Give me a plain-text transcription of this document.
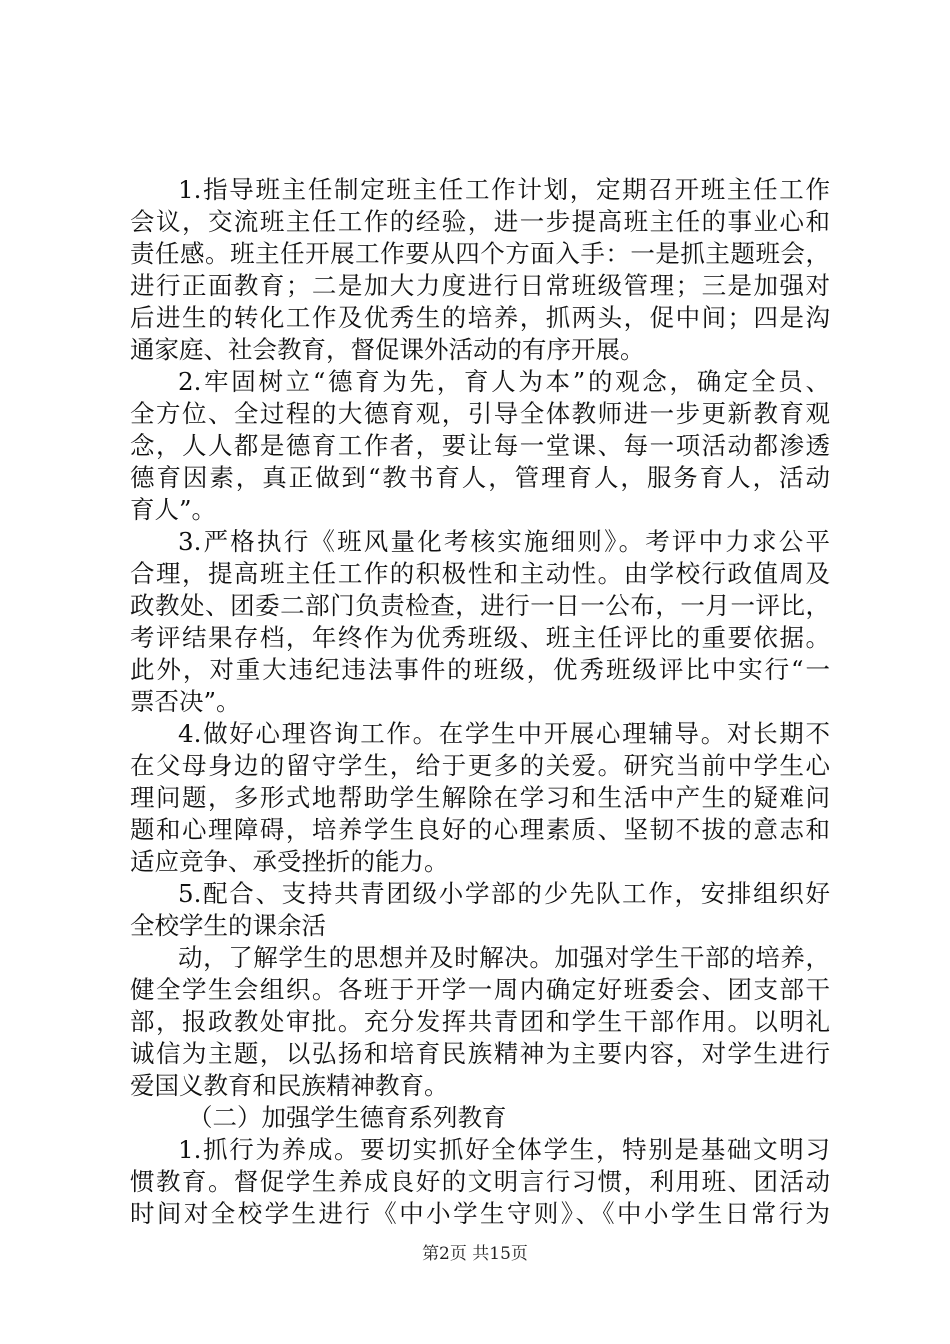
1.指导班主任制定班主任工作计划，定期召开班主任工作
会议，交流班主任工作的经验，进一步提高班主任的事业心和
责任感。班主任开展工作要从四个方面入手：一是抓主题班会，
进行正面教育；二是加大力度进行日常班级管理；三是加强对
后进生的转化工作及优秀生的培养，抓两头，促中间；四是沟
通家庭、社会教育，督促课外活动的有序开展。
2.牢固树立“德育为先，育人为本”的观念，确定全员、
全方位、全过程的大德育观，引导全体教师进一步更新教育观
念，人人都是德育工作者，要让每一堂课、每一项活动都渗透
德育因素，真正做到“教书育人，管理育人，服务育人，活动
育人”。
3.严格执行《班风量化考核实施细则》。考评中力求公平
合理，提高班主任工作的积极性和主动性。由学校行政值周及
政教处、团委二部门负责检查，进行一日一公布，一月一评比，
考评结果存档，年终作为优秀班级、班主任评比的重要依据。
此外，对重大违纪违法事件的班级，优秀班级评比中实行“一
票否决”。
4.做好心理咨询工作。在学生中开展心理辅导。对长期不
在父母身边的留守学生，给于更多的关爱。研究当前中学生心
理问题，多形式地帮助学生解除在学习和生活中产生的疑难问
题和心理障碍，培养学生良好的心理素质、坚韧不拔的意志和
适应竞争、承受挫折的能力。
5.配合、支持共青团级小学部的少先队工作，安排组织好
全校学生的课余活
动，了解学生的思想并及时解决。加强对学生干部的培养，
健全学生会组织。各班于开学一周内确定好班委会、团支部干
部，报政教处审批。充分发挥共青团和学生干部作用。以明礼
诚信为主题，以弘扬和培育民族精神为主要内容，对学生进行
爱国义教育和民族精神教育。
（二）加强学生德育系列教育
1.抓行为养成。要切实抓好全体学生，特别是基础文明习
惯教育。督促学生养成良好的文明言行习惯，利用班、团活动
时间对全校学生进行《中小学生守则》、《中小学生日常行为
第2页 共15页
